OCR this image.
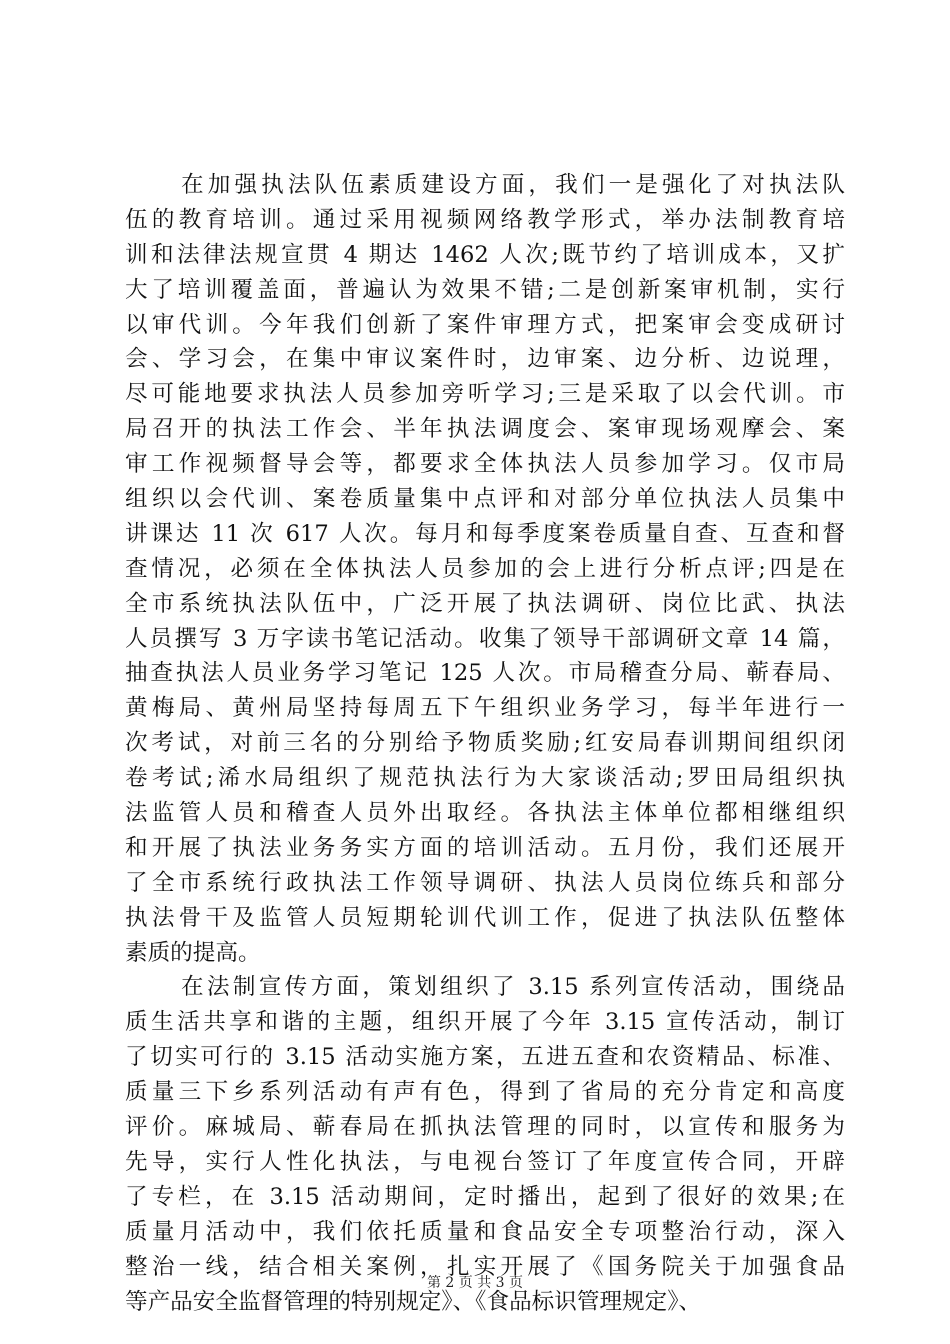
在加强执法队伍素质建设方面，我们一是强化了对执法队
伍的教育培训。通过采用视频网络教学形式，举办法制教育培
训和法律法规宣贯 4 期达 1462 人次;既节约了培训成本，又扩
大了培训覆盖面，普遍认为效果不错;二是创新案审机制，实行
以审代训。今年我们创新了案件审理方式，把案审会变成研讨
会、学习会，在集中审议案件时，边审案、边分析、边说理，
尽可能地要求执法人员参加旁听学习;三是采取了以会代训。市
局召开的执法工作会、半年执法调度会、案审现场观摩会、案
审工作视频督导会等，都要求全体执法人员参加学习。仅市局
组织以会代训、案卷质量集中点评和对部分单位执法人员集中
讲课达 11 次 617 人次。每月和每季度案卷质量自查、互查和督
查情况，必须在全体执法人员参加的会上进行分析点评;四是在
全市系统执法队伍中，广泛开展了执法调研、岗位比武、执法
人员撰写 3 万字读书笔记活动。收集了领导干部调研文章 14 篇，
抽查执法人员业务学习笔记 125 人次。市局稽查分局、蕲春局、
黄梅局、黄州局坚持每周五下午组织业务学习，每半年进行一
次考试，对前三名的分别给予物质奖励;红安局春训期间组织闭
卷考试;浠水局组织了规范执法行为大家谈活动;罗田局组织执
法监管人员和稽查人员外出取经。各执法主体单位都相继组织
和开展了执法业务务实方面的培训活动。五月份，我们还展开
了全市系统行政执法工作领导调研、执法人员岗位练兵和部分
执法骨干及监管人员短期轮训代训工作，促进了执法队伍整体
素质的提高。
在法制宣传方面，策划组织了 3.15 系列宣传活动，围绕品
质生活共享和谐的主题，组织开展了今年 3.15 宣传活动，制订
了切实可行的 3.15 活动实施方案，五进五查和农资精品、标准、
质量三下乡系列活动有声有色，得到了省局的充分肯定和高度
评价。麻城局、蕲春局在抓执法管理的同时，以宣传和服务为
先导，实行人性化执法，与电视台签订了年度宣传合同，开辟
了专栏，在 3.15 活动期间，定时播出，起到了很好的效果;在
质量月活动中，我们依托质量和食品安全专项整治行动，深入
整治一线，结合相关案例，扎实开展了《国务院关于加强食品
等产品安全监督管理的特别规定》、《食品标识管理规定》、
第 2 页 共 3 页
